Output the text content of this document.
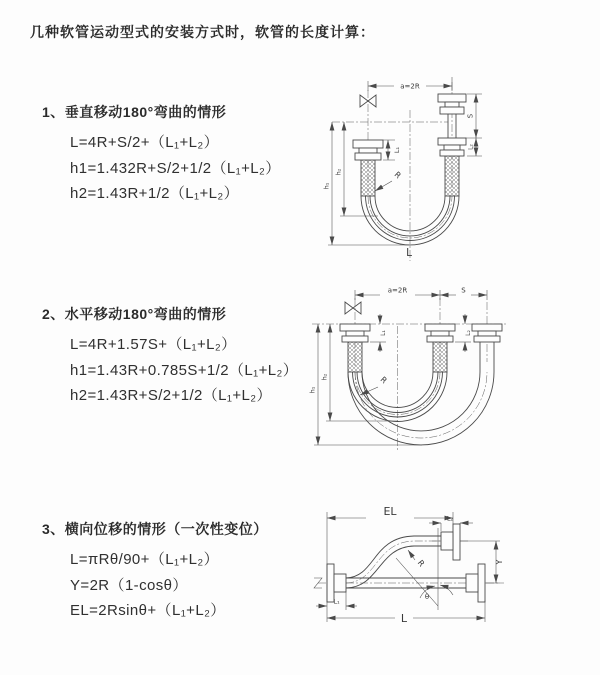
几种软管运动型式的安装方式时，软管的长度计算：
1、垂直移动180°弯曲的情形
L=4R+S/2+（L₁+L₂）
h1=1.432R+S/2+1/2（L₁+L₂）
h2=1.43R+1/2（L₁+L₂）
a=2R
L₁
S
L₂
h₂
h₁
R
L
2、水平移动180°弯曲的情形
L=4R+1.57S+（L₁+L₂）
h1=1.43R+0.785S+1/2（L₁+L₂）
h2=1.43R+S/2+1/2（L₁+L₂）
a=2R	S
h₁
h₂
L₁	L₂
R
3、横向位移的情形（一次性变位）
L=πRθ/90+（L₁+L₂）
Y=2R（1-cosθ）
EL=2Rsinθ+（L₁+L₂）
EL
L₂
R
θ
Y
L₁
L
